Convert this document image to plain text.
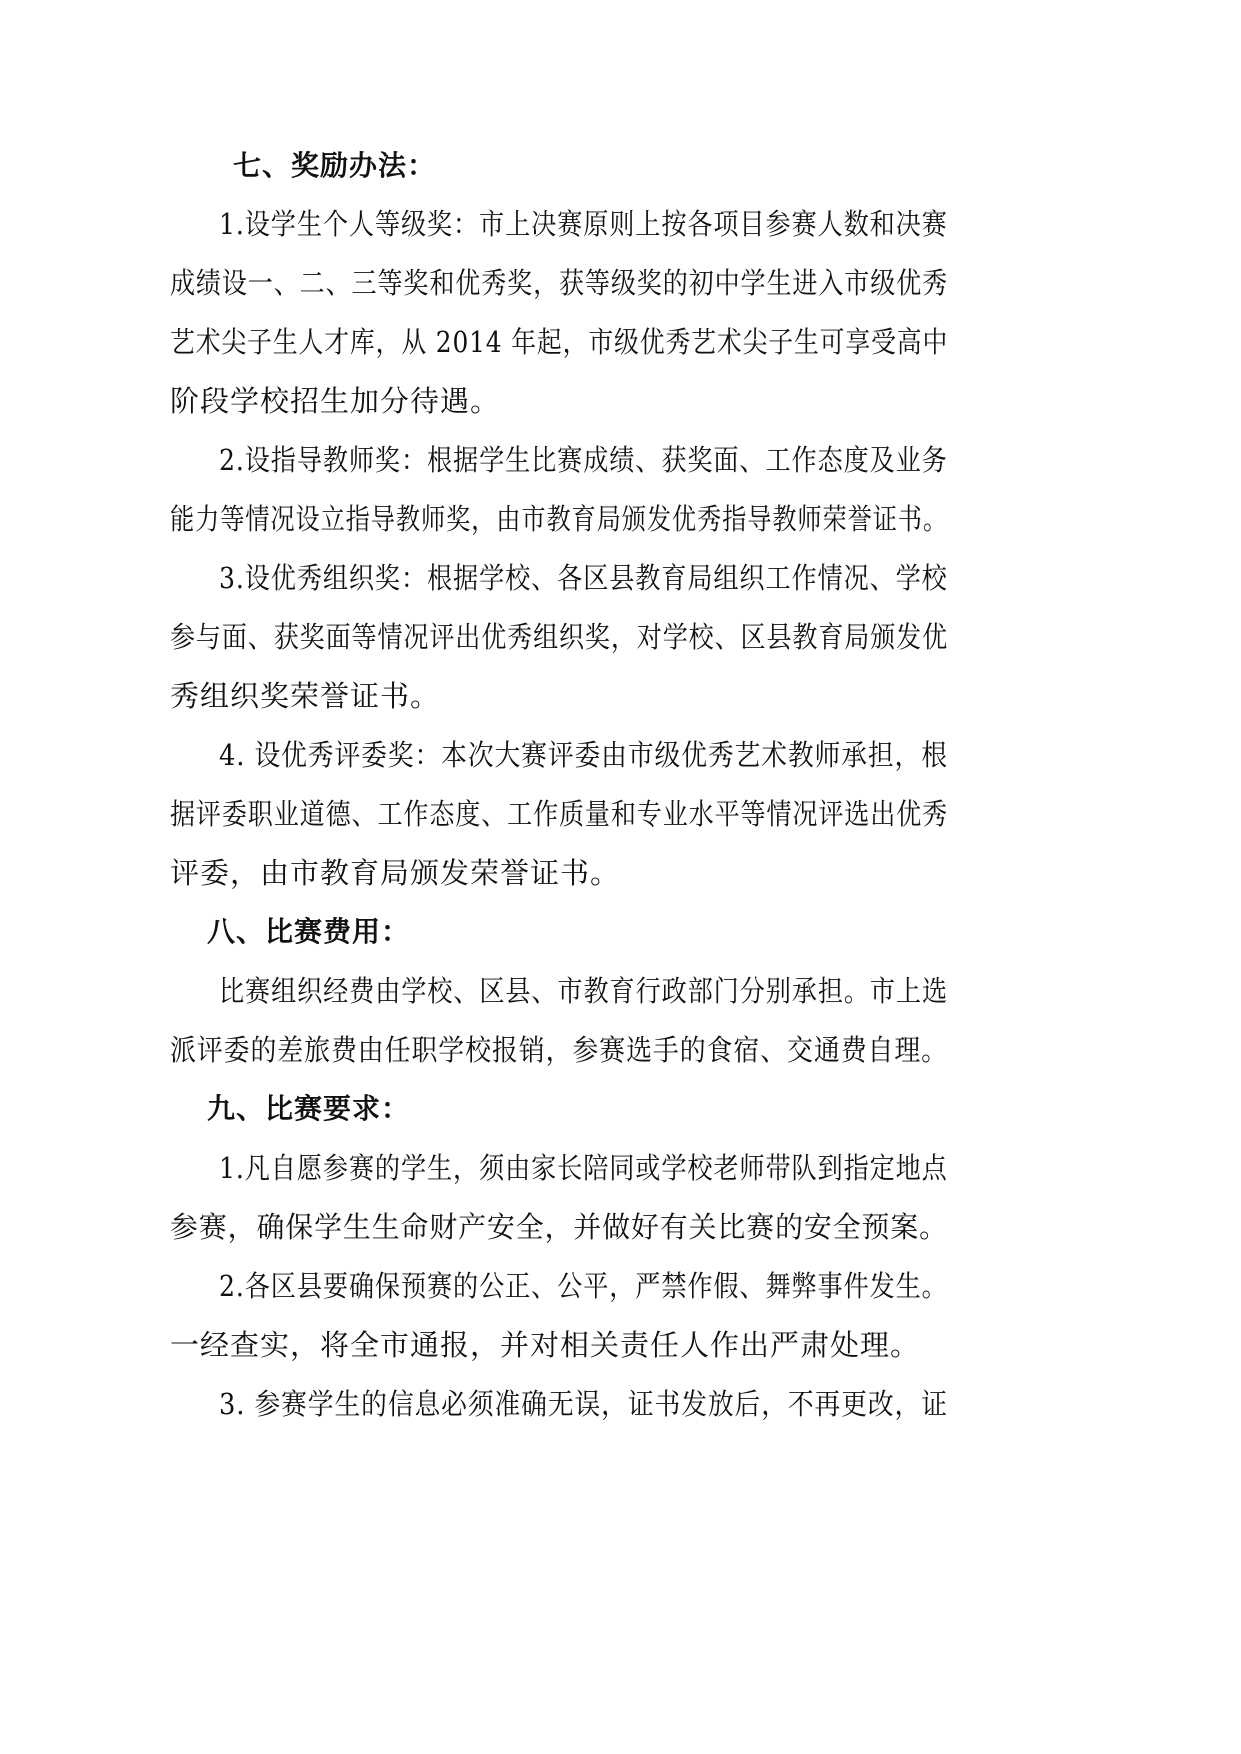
七、奖励办法：
1.设学生个人等级奖：市上决赛原则上按各项目参赛人数和决赛
成绩设一、二、三等奖和优秀奖，获等级奖的初中学生进入市级优秀
艺术尖子生人才库，从 2014 年起，市级优秀艺术尖子生可享受高中
阶段学校招生加分待遇。
2.设指导教师奖：根据学生比赛成绩、获奖面、工作态度及业务
能力等情况设立指导教师奖，由市教育局颁发优秀指导教师荣誉证书。
3.设优秀组织奖：根据学校、各区县教育局组织工作情况、学校
参与面、获奖面等情况评出优秀组织奖，对学校、区县教育局颁发优
秀组织奖荣誉证书。
4. 设优秀评委奖：本次大赛评委由市级优秀艺术教师承担，根
据评委职业道德、工作态度、工作质量和专业水平等情况评选出优秀
评委，由市教育局颁发荣誉证书。
八、比赛费用：
比赛组织经费由学校、区县、市教育行政部门分别承担。市上选
派评委的差旅费由任职学校报销，参赛选手的食宿、交通费自理。
九、比赛要求：
1.凡自愿参赛的学生，须由家长陪同或学校老师带队到指定地点
参赛，确保学生生命财产安全，并做好有关比赛的安全预案。
2.各区县要确保预赛的公正、公平，严禁作假、舞弊事件发生。
一经查实，将全市通报，并对相关责任人作出严肃处理。
3. 参赛学生的信息必须准确无误，证书发放后，不再更改，证
